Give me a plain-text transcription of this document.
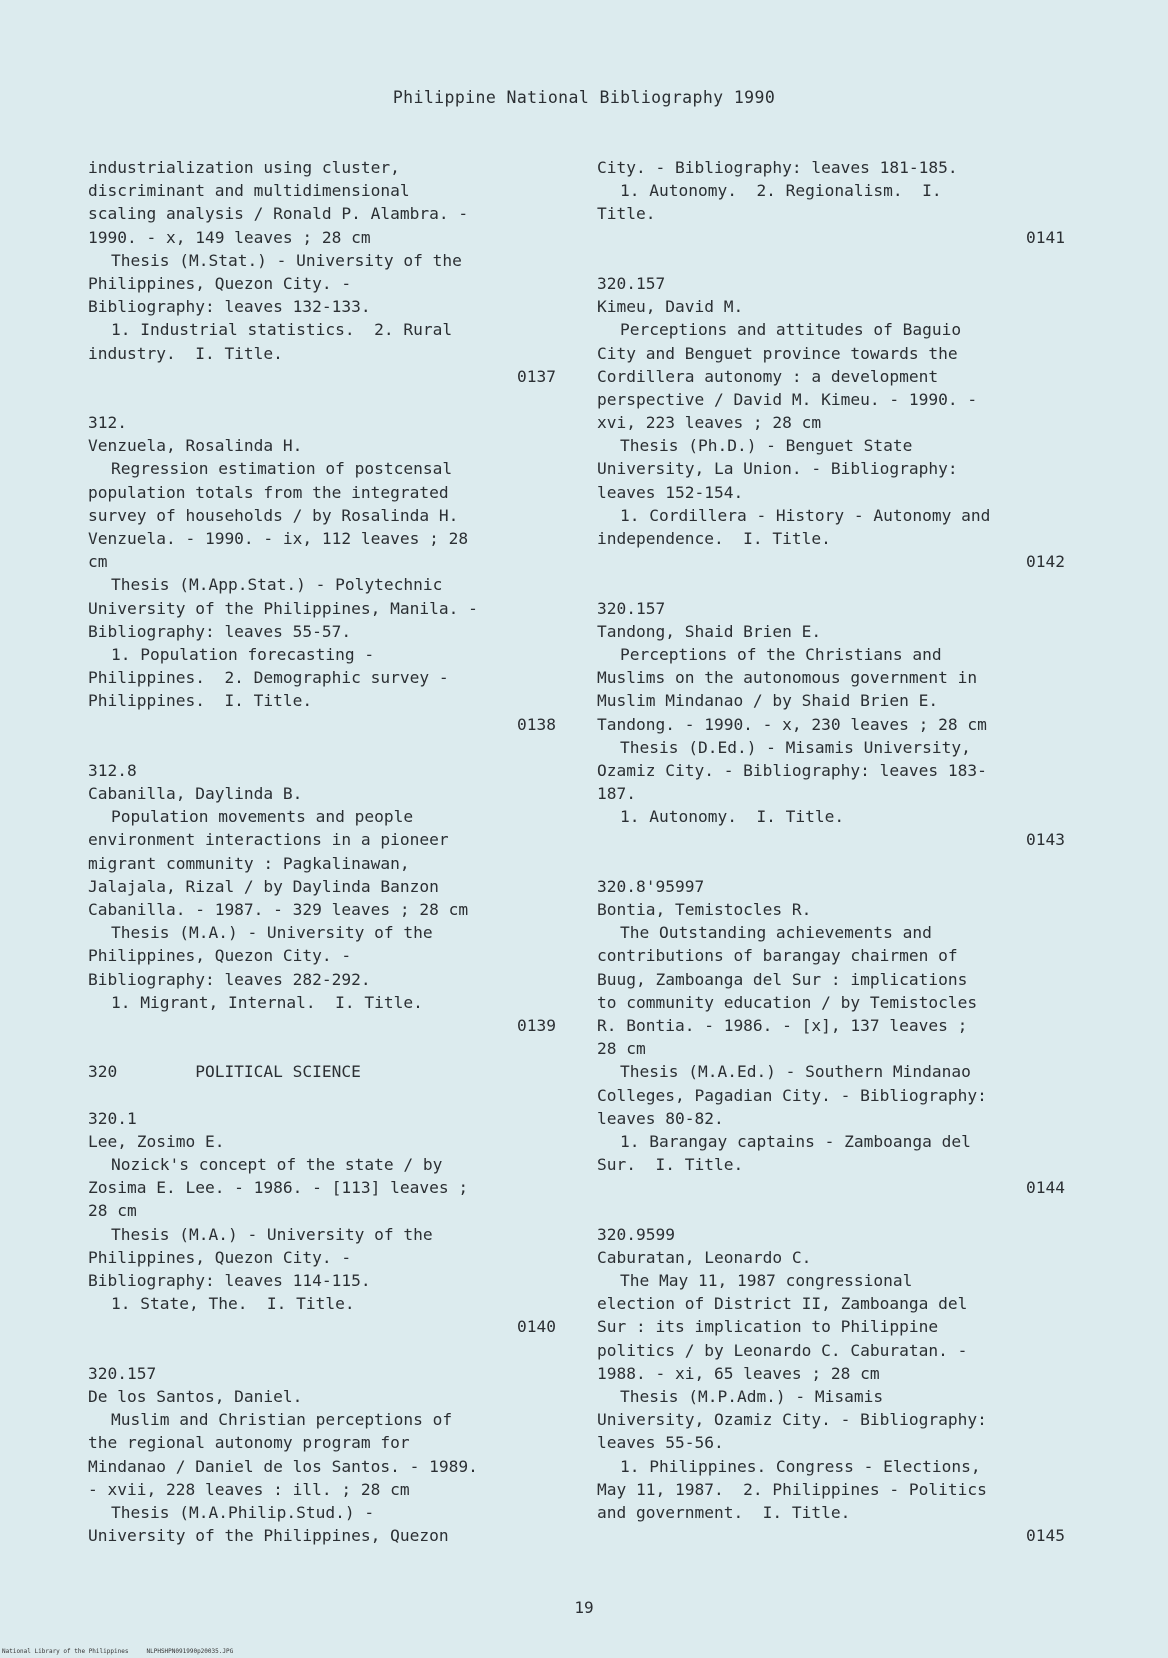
Philippine National Bibliography 1990
industrialization using cluster,
discriminant and multidimensional
scaling analysis / Ronald P. Alambra. -
1990. - x, 149 leaves ; 28 cm
Thesis (M.Stat.) - University of the
Philippines, Quezon City. -
Bibliography: leaves 132-133.
1. Industrial statistics.  2. Rural
industry.  I. Title.
0137
312.
Venzuela, Rosalinda H.
Regression estimation of postcensal
population totals from the integrated
survey of households / by Rosalinda H.
Venzuela. - 1990. - ix, 112 leaves ; 28
cm
Thesis (M.App.Stat.) - Polytechnic
University of the Philippines, Manila. -
Bibliography: leaves 55-57.
1. Population forecasting -
Philippines.  2. Demographic survey -
Philippines.  I. Title.
0138
312.8
Cabanilla, Daylinda B.
Population movements and people
environment interactions in a pioneer
migrant community : Pagkalinawan,
Jalajala, Rizal / by Daylinda Banzon
Cabanilla. - 1987. - 329 leaves ; 28 cm
Thesis (M.A.) - University of the
Philippines, Quezon City. -
Bibliography: leaves 282-292.
1. Migrant, Internal.  I. Title.
0139
320        POLITICAL SCIENCE
320.1
Lee, Zosimo E.
Nozick's concept of the state / by
Zosima E. Lee. - 1986. - [113] leaves ;
28 cm
Thesis (M.A.) - University of the
Philippines, Quezon City. -
Bibliography: leaves 114-115.
1. State, The.  I. Title.
0140
320.157
De los Santos, Daniel.
Muslim and Christian perceptions of
the regional autonomy program for
Mindanao / Daniel de los Santos. - 1989.
- xvii, 228 leaves : ill. ; 28 cm
Thesis (M.A.Philip.Stud.) -
University of the Philippines, Quezon
City. - Bibliography: leaves 181-185.
1. Autonomy.  2. Regionalism.  I.
Title.
0141
320.157
Kimeu, David M.
Perceptions and attitudes of Baguio
City and Benguet province towards the
Cordillera autonomy : a development
perspective / David M. Kimeu. - 1990. -
xvi, 223 leaves ; 28 cm
Thesis (Ph.D.) - Benguet State
University, La Union. - Bibliography:
leaves 152-154.
1. Cordillera - History - Autonomy and
independence.  I. Title.
0142
320.157
Tandong, Shaid Brien E.
Perceptions of the Christians and
Muslims on the autonomous government in
Muslim Mindanao / by Shaid Brien E.
Tandong. - 1990. - x, 230 leaves ; 28 cm
Thesis (D.Ed.) - Misamis University,
Ozamiz City. - Bibliography: leaves 183-
187.
1. Autonomy.  I. Title.
0143
320.8'95997
Bontia, Temistocles R.
The Outstanding achievements and
contributions of barangay chairmen of
Buug, Zamboanga del Sur : implications
to community education / by Temistocles
R. Bontia. - 1986. - [x], 137 leaves ;
28 cm
Thesis (M.A.Ed.) - Southern Mindanao
Colleges, Pagadian City. - Bibliography:
leaves 80-82.
1. Barangay captains - Zamboanga del
Sur.  I. Title.
0144
320.9599
Caburatan, Leonardo C.
The May 11, 1987 congressional
election of District II, Zamboanga del
Sur : its implication to Philippine
politics / by Leonardo C. Caburatan. -
1988. - xi, 65 leaves ; 28 cm
Thesis (M.P.Adm.) - Misamis
University, Ozamiz City. - Bibliography:
leaves 55-56.
1. Philippines. Congress - Elections,
May 11, 1987.  2. Philippines - Politics
and government.  I. Title.
0145
19
National Library of the Philippines     NLPHSHPN091990p20035.JPG
